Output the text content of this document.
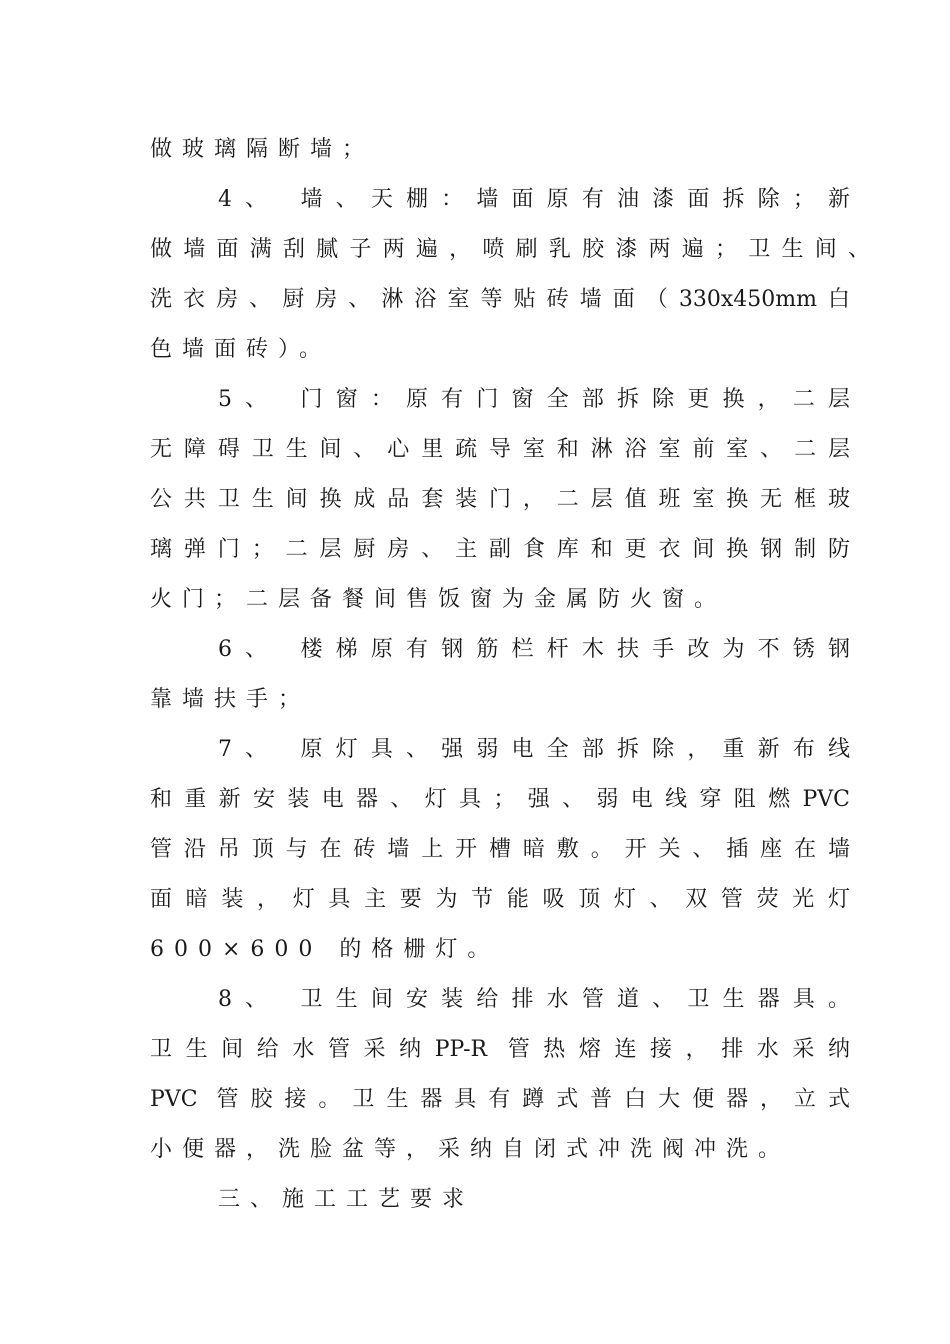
做玻璃隔断墙；
4、 墙、天棚：墙面原有油漆面拆除；新
做墙面满刮腻子两遍，喷刷乳胶漆两遍；卫生间、
洗衣房、厨房、淋浴室等贴砖墙面（330x450mm白
色墙面砖）。
5、 门窗：原有门窗全部拆除更换，二层
无障碍卫生间、心里疏导室和淋浴室前室、二层
公共卫生间换成品套装门，二层值班室换无框玻
璃弹门；二层厨房、主副食库和更衣间换钢制防
火门；二层备餐间售饭窗为金属防火窗。
6、 楼梯原有钢筋栏杆木扶手改为不锈钢
靠墙扶手；
7、 原灯具、强弱电全部拆除，重新布线
和重新安装电器、灯具；强、弱电线穿阻燃PVC
管沿吊顶与在砖墙上开槽暗敷。开关、插座在墙
面暗装，灯具主要为节能吸顶灯、双管荧光灯
600×600 的格栅灯。
8、 卫生间安装给排水管道、卫生器具。
卫生间给水管采纳PP-R 管热熔连接，排水采纳
PVC 管胶接。卫生器具有蹲式普白大便器，立式
小便器，洗脸盆等，采纳自闭式冲洗阀冲洗。
三、施工工艺要求
